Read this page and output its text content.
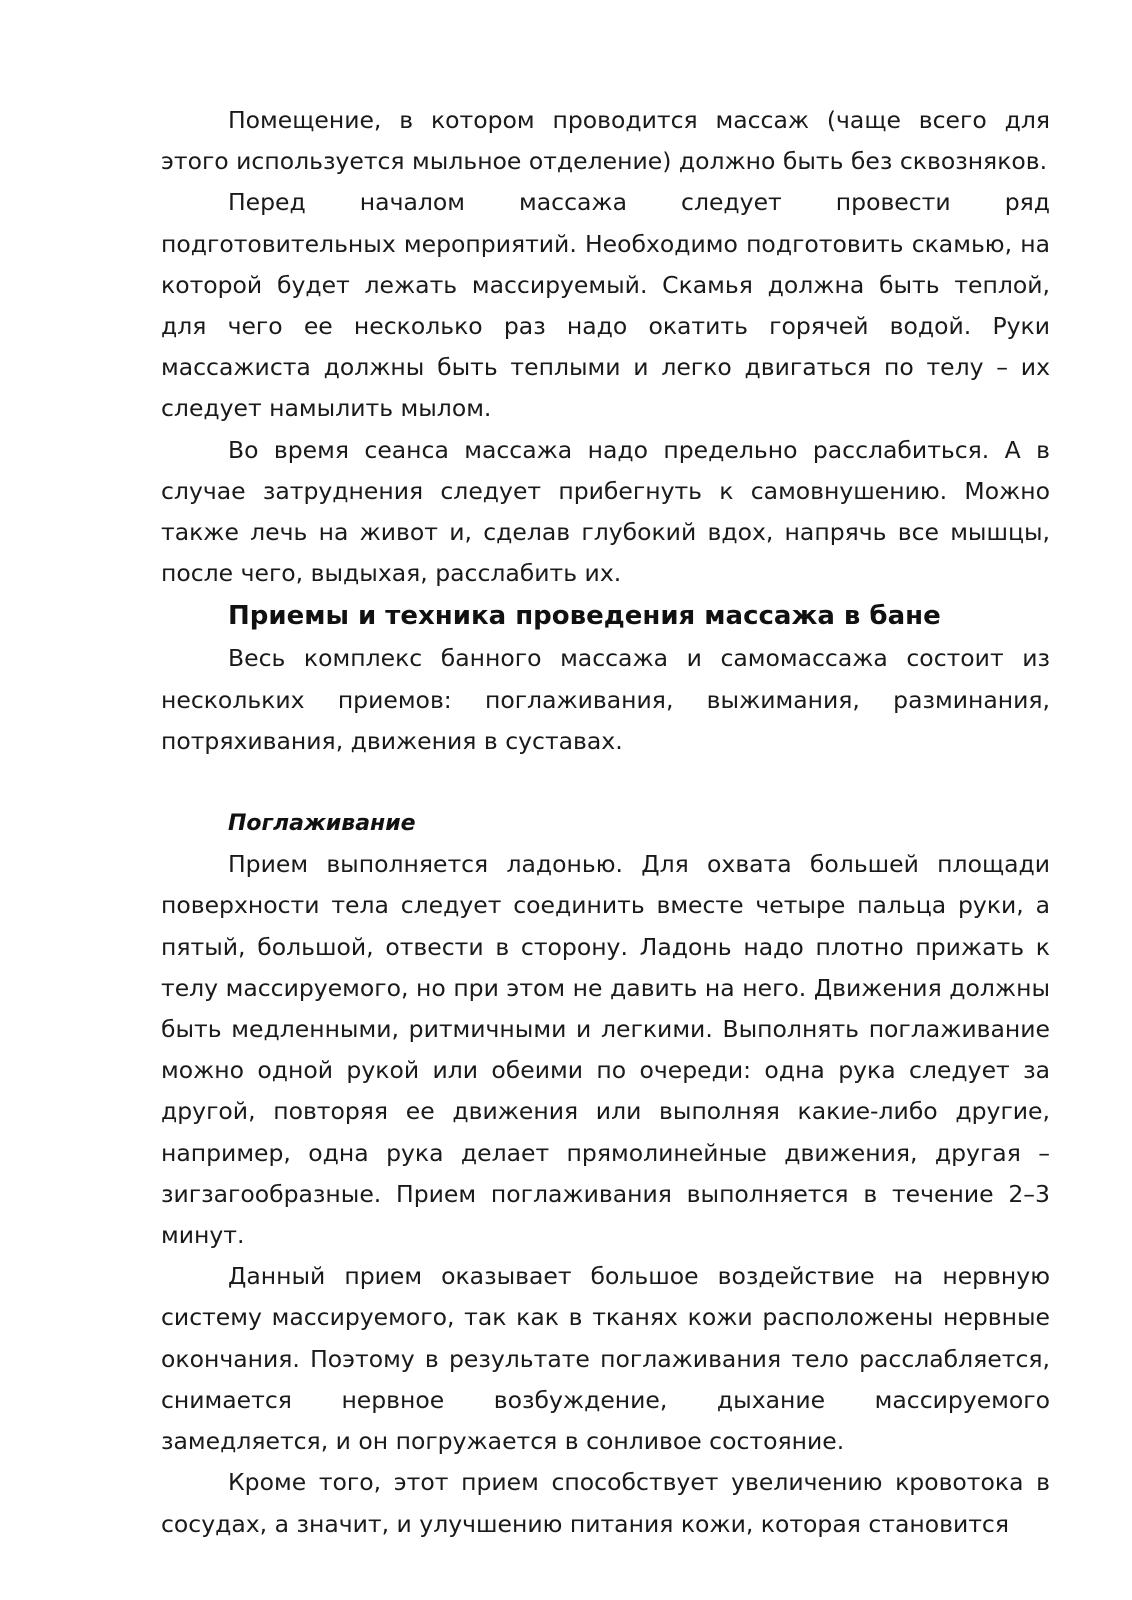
Помещение, в котором проводится массаж (чаще всего для этого используется мыльное отделение) должно быть без сквозняков.

Перед началом массажа следует провести ряд подготовительных мероприятий. Необходимо подготовить скамью, на которой будет лежать массируемый. Скамья должна быть теплой, для чего ее несколько раз надо окатить горячей водой. Руки массажиста должны быть теплыми и легко двигаться по телу – их следует намылить мылом.

Во время сеанса массажа надо предельно расслабиться. А в случае затруднения следует прибегнуть к самовнушению. Можно также лечь на живот и, сделав глубокий вдох, напрячь все мышцы, после чего, выдыхая, расслабить их.

Приемы и техника проведения массажа в бане

Весь комплекс банного массажа и самомассажа состоит из нескольких приемов: поглаживания, выжимания, разминания, потряхивания, движения в суставах.

Поглаживание

Прием выполняется ладонью. Для охвата большей площади поверхности тела следует соединить вместе четыре пальца руки, а пятый, большой, отвести в сторону. Ладонь надо плотно прижать к телу массируемого, но при этом не давить на него. Движения должны быть медленными, ритмичными и легкими. Выполнять поглаживание можно одной рукой или обеими по очереди: одна рука следует за другой, повторяя ее движения или выполняя какие-либо другие, например, одна рука делает прямолинейные движения, другая – зигзагообразные. Прием поглаживания выполняется в течение 2–3 минут.

Данный прием оказывает большое воздействие на нервную систему массируемого, так как в тканях кожи расположены нервные окончания. Поэтому в результате поглаживания тело расслабляется, снимается нервное возбуждение, дыхание массируемого замедляется, и он погружается в сонливое состояние.

Кроме того, этот прием способствует увеличению кровотока в сосудах, а значит, и улучшению питания кожи, которая становится
